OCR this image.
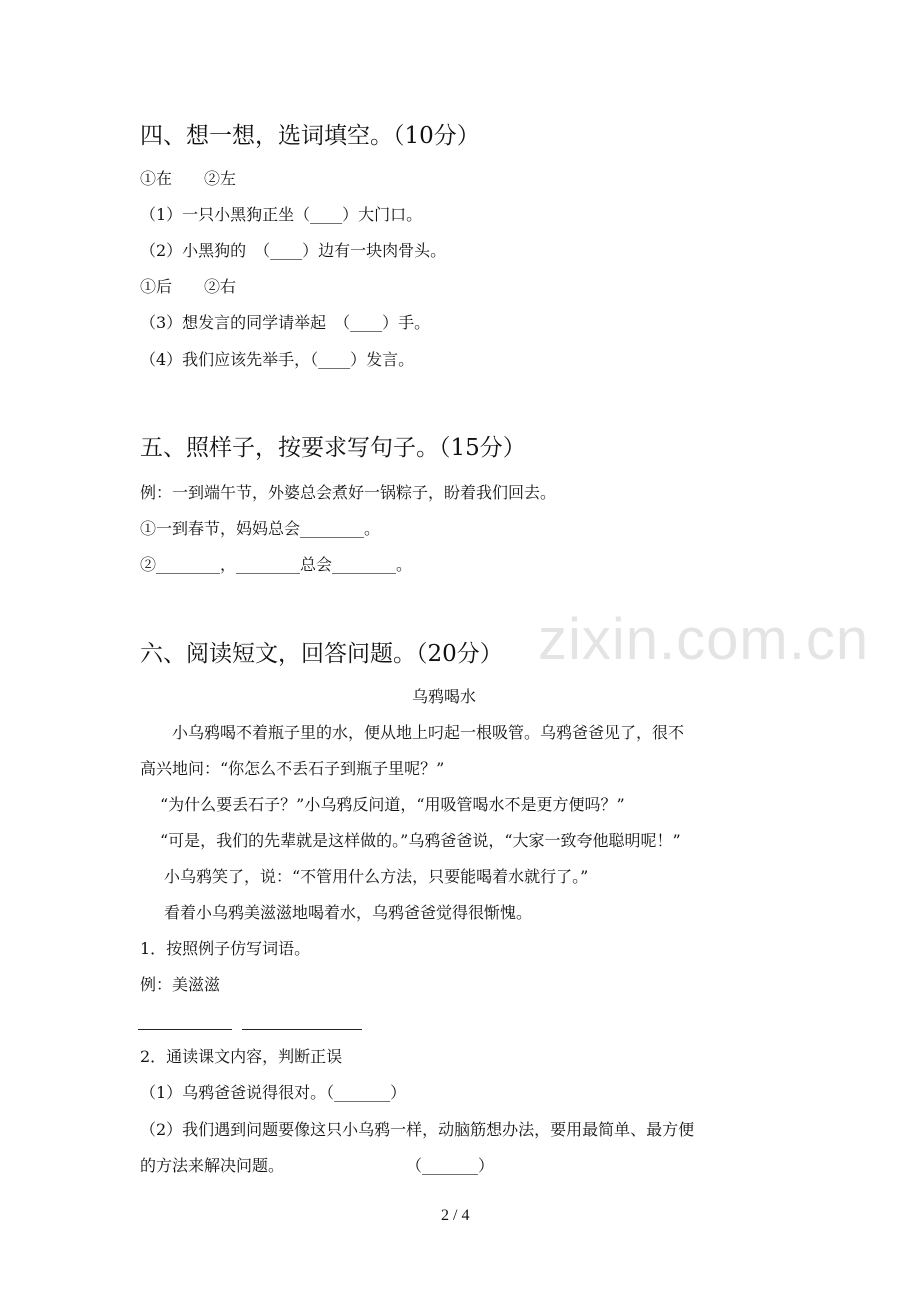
zixin.com.cn
四、想一想，选词填空。（10分）
①在　　②左
（1）一只小黑狗正坐（____）大门口。
（2）小黑狗的　（____）边有一块肉骨头。
①后　　②右
（3）想发言的同学请举起　（____）手。
（4）我们应该先举手，（____）发言。
五、照样子，按要求写句子。（15分）
例：一到端午节，外婆总会煮好一锅粽子，盼着我们回去。
①一到春节，妈妈总会________。
②________，________总会________。
六、阅读短文，回答问题。（20分）
乌鸦喝水
小乌鸦喝不着瓶子里的水，便从地上叼起一根吸管。乌鸦爸爸见了，很不
高兴地问：“你怎么不丢石子到瓶子里呢？”
“为什么要丢石子？”小乌鸦反问道，“用吸管喝水不是更方便吗？”
“可是，我们的先辈就是这样做的。”乌鸦爸爸说，“大家一致夸他聪明呢！”
小乌鸦笑了，说：“不管用什么方法，只要能喝着水就行了。”
看着小乌鸦美滋滋地喝着水，乌鸦爸爸觉得很惭愧。
1．按照例子仿写词语。
例：美滋滋
2．通读课文内容，判断正误
（1）乌鸦爸爸说得很对。（_______）
（2）我们遇到问题要像这只小乌鸦一样，动脑筋想办法，要用最简单、最方便
的方法来解决问题。	（_______）
2 / 4
